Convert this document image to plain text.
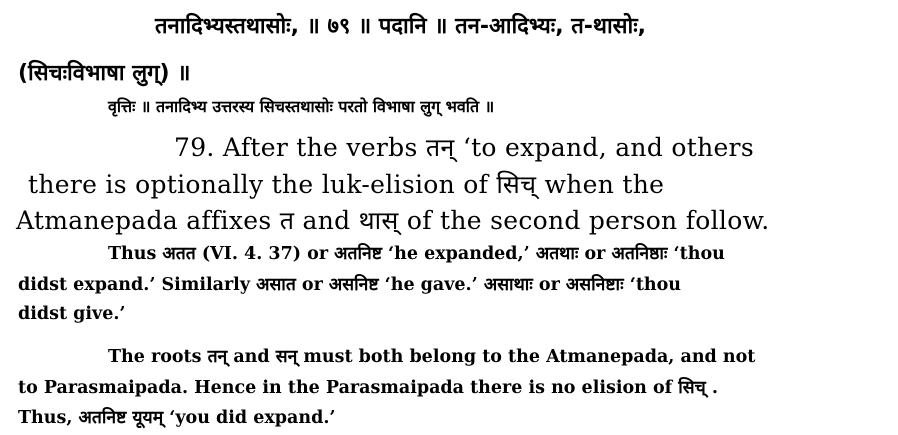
तनादिभ्यस्तथासोः, ॥ ७९ ॥ पदानि ॥ तन-आदिभ्यः, त-थासोः,
(सिचःविभाषा लुग्) ॥
वृत्तिः ॥ तनादिभ्य उत्तरस्य सिचस्तथासोः परतो विभाषा लुग् भवति ॥
79. After the verbs तन् ‘to expand, and others
there is optionally the luk-elision of सिच् when the
Atmanepada affixes त and थास् of the second person follow.
Thus अतत (VI. 4. 37) or अतनिष्ट ‘he expanded,’ अतथाः or अतनिष्ठाः ‘thou
didst expand.’ Similarly असात or असनिष्ट ‘he gave.’ असाथाः or असनिष्टाः ‘thou
didst give.’
The roots तन् and सन् must both belong to the Atmanepada, and not
to Parasmaipada. Hence in the Parasmaipada there is no elision of सिच् .
Thus, अतनिष्ट यूयम् ‘you did expand.’
